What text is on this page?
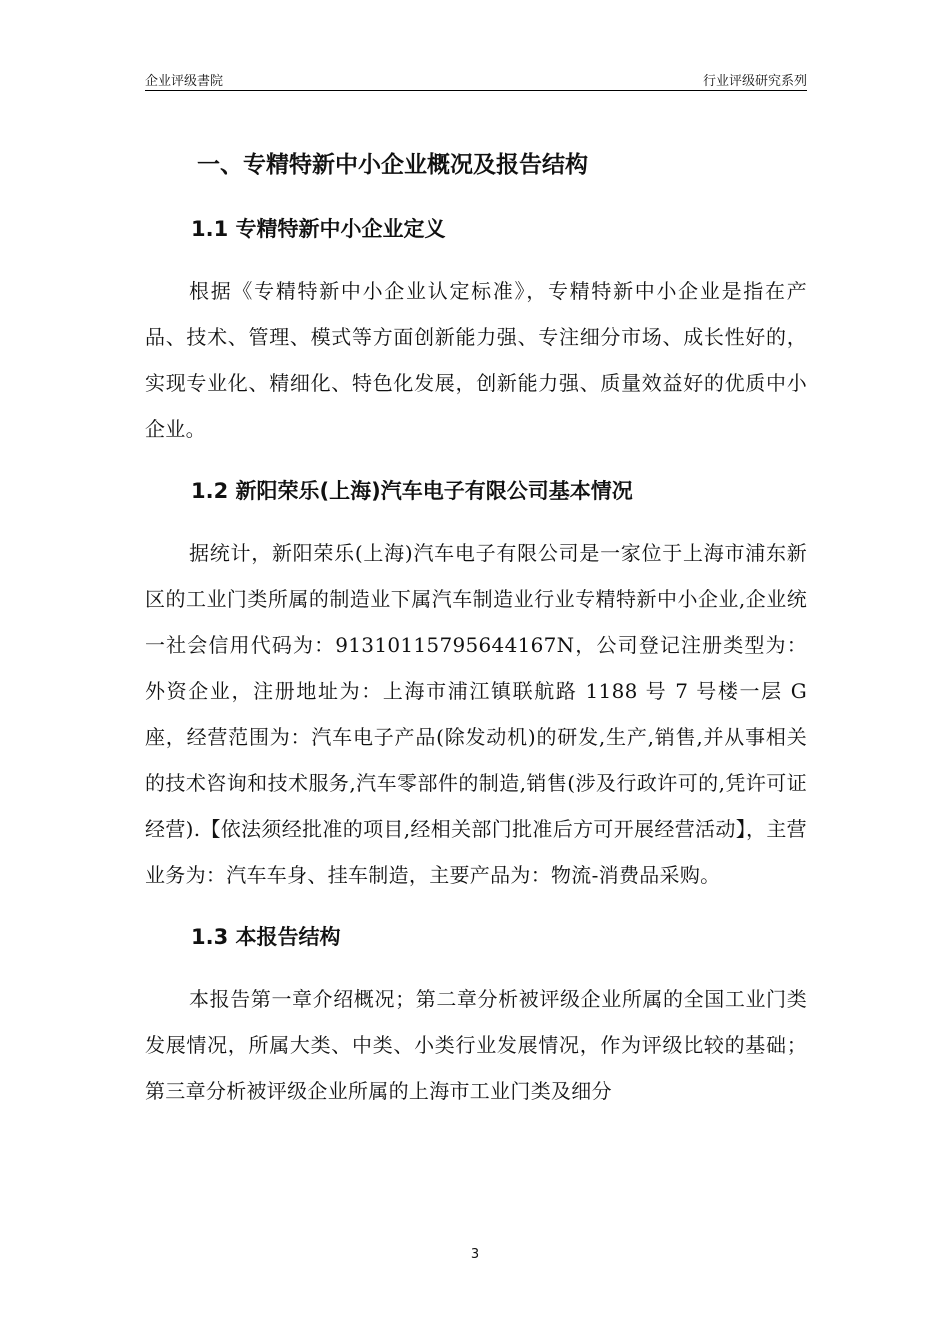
企业评级書院	行业评级研究系列
一、专精特新中小企业概况及报告结构
1.1 专精特新中小企业定义

根据《专精特新中小企业认定标准》，专精特新中小企业是指在产品、技术、管理、模式等方面创新能力强、专注细分市场、成长性好的，实现专业化、精细化、特色化发展，创新能力强、质量效益好的优质中小企业。

1.2 新阳荣乐(上海)汽车电子有限公司基本情况

据统计，新阳荣乐(上海)汽车电子有限公司是一家位于上海市浦东新区的工业门类所属的制造业下属汽车制造业行业专精特新中小企业,企业统一社会信用代码为：91310115795644167N，公司登记注册类型为：外资企业，注册地址为：上海市浦江镇联航路 1188 号 7 号楼一层 G 座，经营范围为：汽车电子产品(除发动机)的研发,生产,销售,并从事相关的技术咨询和技术服务,汽车零部件的制造,销售(涉及行政许可的,凭许可证经营).【依法须经批准的项目,经相关部门批准后方可开展经营活动】，主营业务为：汽车车身、挂车制造，主要产品为：物流-消费品采购。

1.3 本报告结构

本报告第一章介绍概况；第二章分析被评级企业所属的全国工业门类发展情况，所属大类、中类、小类行业发展情况，作为评级比较的基础；第三章分析被评级企业所属的上海市工业门类及细分

3
